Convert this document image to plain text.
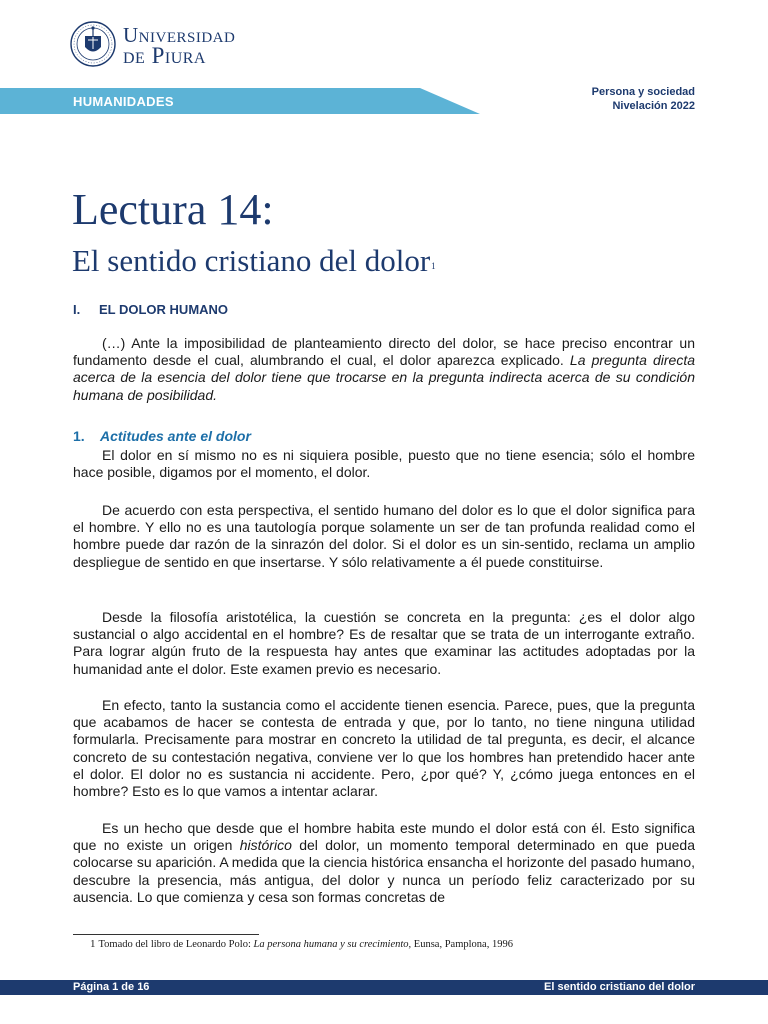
Universidad
de Piura
HUMANIDADES
Persona y sociedad
Nivelación 2022
Lectura 14:
El sentido cristiano del dolor$^1$
I. EL DOLOR HUMANO
(…) Ante la imposibilidad de planteamiento directo del dolor, se hace preciso encontrar un fundamento desde el cual, alumbrando el cual, el dolor aparezca explicado. La pregunta directa acerca de la esencia del dolor tiene que trocarse en la pregunta indirecta acerca de su condición humana de posibilidad.
1. Actitudes ante el dolor
El dolor en sí mismo no es ni siquiera posible, puesto que no tiene esencia; sólo el hombre hace posible, digamos por el momento, el dolor.
De acuerdo con esta perspectiva, el sentido humano del dolor es lo que el dolor significa para el hombre. Y ello no es una tautología porque solamente un ser de tan profunda realidad como el hombre puede dar razón de la sinrazón del dolor. Si el dolor es un sin-sentido, reclama un amplio despliegue de sentido en que insertarse. Y sólo relativamente a él puede constituirse.
Desde la filosofía aristotélica, la cuestión se concreta en la pregunta: ¿es el dolor algo sustancial o algo accidental en el hombre? Es de resaltar que se trata de un interrogante extraño. Para lograr algún fruto de la respuesta hay antes que examinar las actitudes adoptadas por la humanidad ante el dolor. Este examen previo es necesario.
En efecto, tanto la sustancia como el accidente tienen esencia. Parece, pues, que la pregunta que acabamos de hacer se contesta de entrada y que, por lo tanto, no tiene ninguna utilidad formularla. Precisamente para mostrar en concreto la utilidad de tal pregunta, es decir, el alcance concreto de su contestación negativa, conviene ver lo que los hombres han pretendido hacer ante el dolor. El dolor no es sustancia ni accidente. Pero, ¿por qué? Y, ¿cómo juega entonces en el hombre? Esto es lo que vamos a intentar aclarar.
Es un hecho que desde que el hombre habita este mundo el dolor está con él. Esto significa que no existe un origen histórico del dolor, un momento temporal determinado en que pueda colocarse su aparición. A medida que la ciencia histórica ensancha el horizonte del pasado humano, descubre la presencia, más antigua, del dolor y nunca un período feliz caracterizado por su ausencia. Lo que comienza y cesa son formas concretas de
1 Tomado del libro de Leonardo Polo: La persona humana y su crecimiento, Eunsa, Pamplona, 1996
Página 1 de 16	El sentido cristiano del dolor
